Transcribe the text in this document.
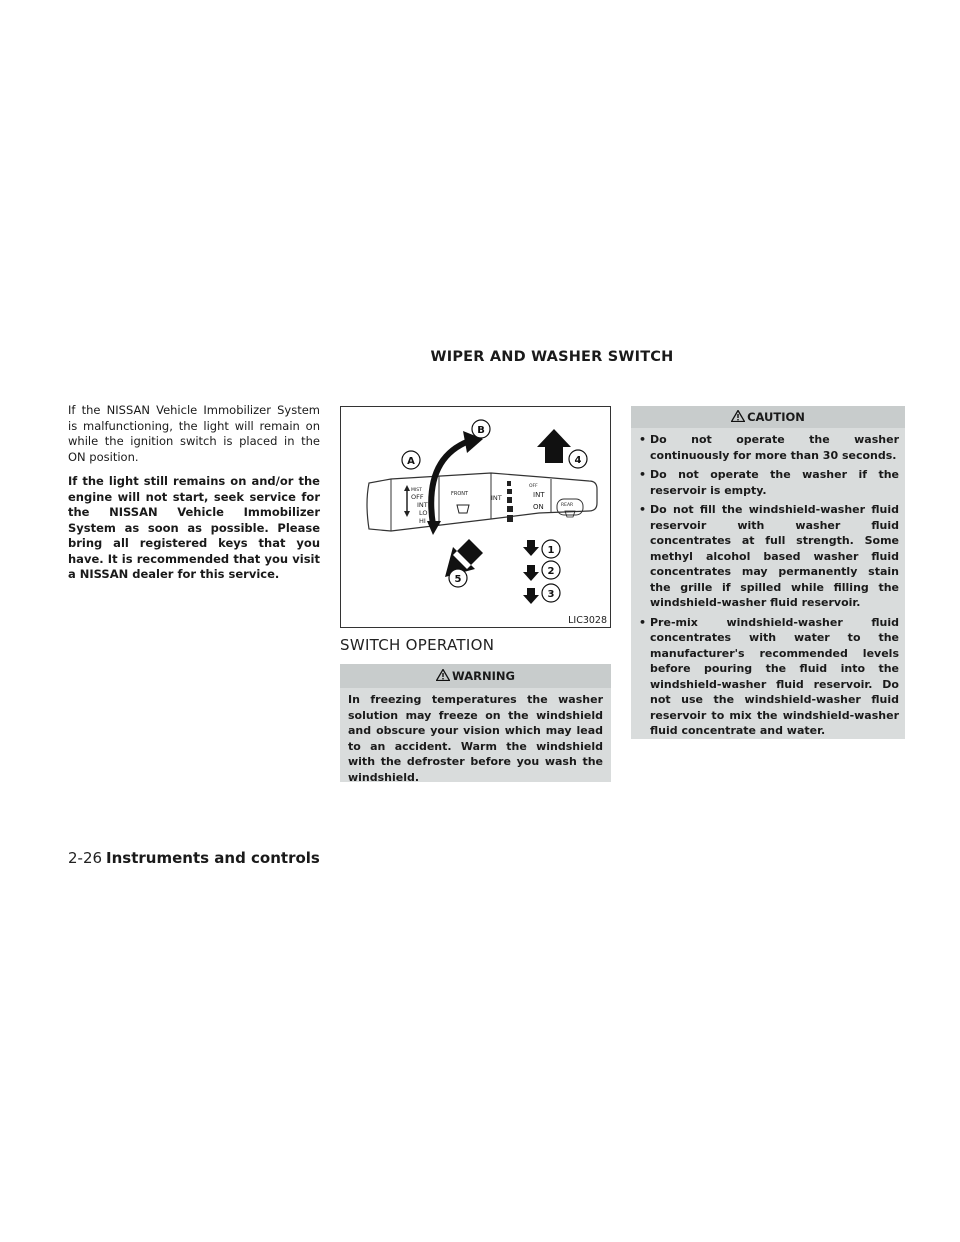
WIPER AND WASHER SWITCH

If the NISSAN Vehicle Immobilizer System is malfunctioning, the light will remain on while the ignition switch is placed in the ON position.

If the light still remains on and/or the engine will not start, seek service for the NISSAN Vehicle Immobilizer System as soon as possible. Please bring all registered keys that you have. It is recommended that you visit a NISSAN dealer for this service.

MIST
OFF
INT
LO
HI
FRONT	INT
OFF
INT
ON	REAR
A
B
1
2
3
4
5
LIC3028
SWITCH OPERATION
WARNING
In freezing temperatures the washer solution may freeze on the windshield and obscure your vision which may lead to an accident. Warm the windshield with the defroster before you wash the windshield.
CAUTION
• Do not operate the washer continuously for more than 30 seconds.
• Do not operate the washer if the reservoir is empty.
• Do not fill the windshield-washer fluid reservoir with washer fluid concentrates at full strength. Some methyl alcohol based washer fluid concentrates may permanently stain the grille if spilled while filling the windshield-washer fluid reservoir.
• Pre-mix windshield-washer fluid concentrates with water to the manufacturer's recommended levels before pouring the fluid into the windshield-washer fluid reservoir. Do not use the windshield-washer fluid reservoir to mix the windshield-washer fluid concentrate and water.
2-26 Instruments and controls
